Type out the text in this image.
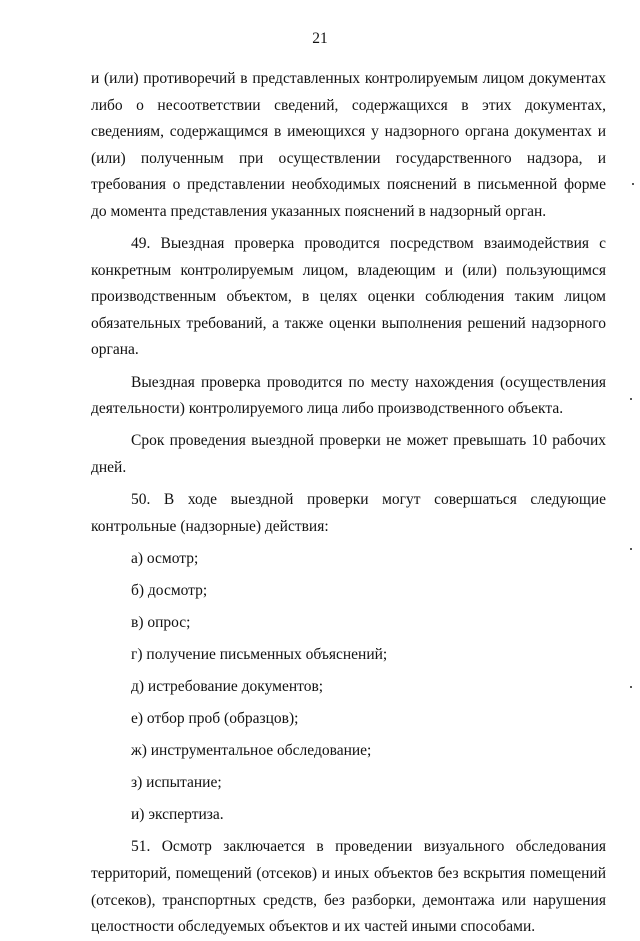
21

и (или) противоречий в представленных контролируемым лицом документах либо о несоответствии сведений, содержащихся в этих документах, сведениям, содержащимся в имеющихся у надзорного органа документах и (или) полученным при осуществлении государственного надзора, и требования о представлении необходимых пояснений в письменной форме до момента представления указанных пояснений в надзорный орган.

49. Выездная проверка проводится посредством взаимодействия с конкретным контролируемым лицом, владеющим и (или) пользующимся производственным объектом, в целях оценки соблюдения таким лицом обязательных требований, а также оценки выполнения решений надзорного органа.

Выездная проверка проводится по месту нахождения (осуществления деятельности) контролируемого лица либо производственного объекта.

Срок проведения выездной проверки не может превышать 10 рабочих дней.

50. В ходе выездной проверки могут совершаться следующие контрольные (надзорные) действия:

а) осмотр;

б) досмотр;

в) опрос;

г) получение письменных объяснений;

д) истребование документов;

е) отбор проб (образцов);

ж) инструментальное обследование;

з) испытание;

и) экспертиза.

51. Осмотр заключается в проведении визуального обследования территорий, помещений (отсеков) и иных объектов без вскрытия помещений (отсеков), транспортных средств, без разборки, демонтажа или нарушения целостности обследуемых объектов и их частей иными способами.
